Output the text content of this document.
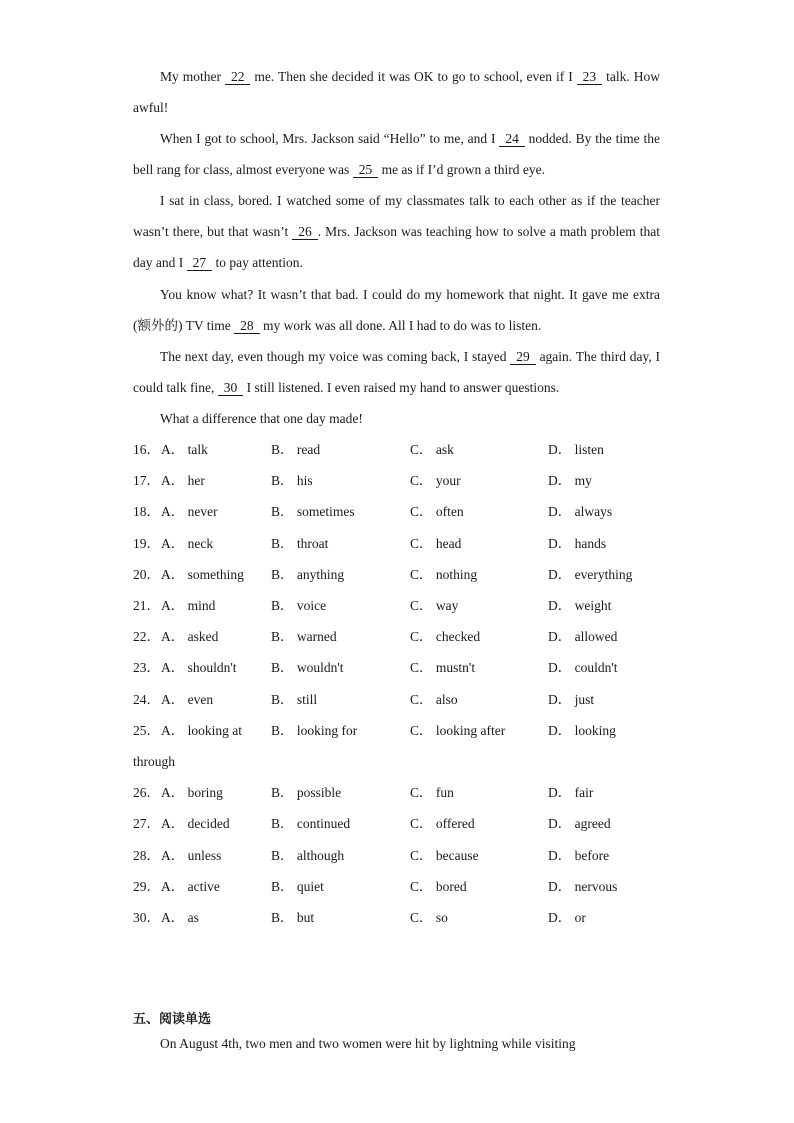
My mother 22 me. Then she decided it was OK to go to school, even if I 23 talk. How awful!
When I got to school, Mrs. Jackson said “Hello” to me, and I 24 nodded. By the time the bell rang for class, almost everyone was 25 me as if I’d grown a third eye.
I sat in class, bored. I watched some of my classmates talk to each other as if the teacher wasn’t there, but that wasn’t 26 . Mrs. Jackson was teaching how to solve a math problem that day and I 27 to pay attention.
You know what? It wasn’t that bad. I could do my homework that night. It gave me extra (额外的) TV time 28 my work was all done. All I had to do was to listen.
The next day, even though my voice was coming back, I stayed 29 again. The third day, I could talk fine, 30 I still listened. I even raised my hand to answer questions.
What a difference that one day made!
16． A． talk	B． read	C． ask	D． listen
17． A． her	B． his	C． your	D． my
18． A． never	B． sometimes	C． often	D． always
19． A． neck	B． throat	C． head	D． hands
20． A． something B． anything	C． nothing	D． everything
21． A． mind	B． voice	C． way	D． weight
22． A． asked	B． warned	C． checked	D． allowed
23． A． shouldn't	B． wouldn't	C． mustn't	D． couldn't
24． A． even	B． still	C． also	D． just
25． A． looking at B． looking for	C． looking after	D． looking
through
26． A． boring	B． possible	C． fun	D． fair
27． A． decided	B． continued	C． offered	D． agreed
28． A． unless	B． although	C． because	D． before
29． A． active	B． quiet	C． bored	D． nervous
30． A． as	B． but	C． so	D． or
五、阅读单选
On August 4th, two men and two women were hit by lightning while visiting
